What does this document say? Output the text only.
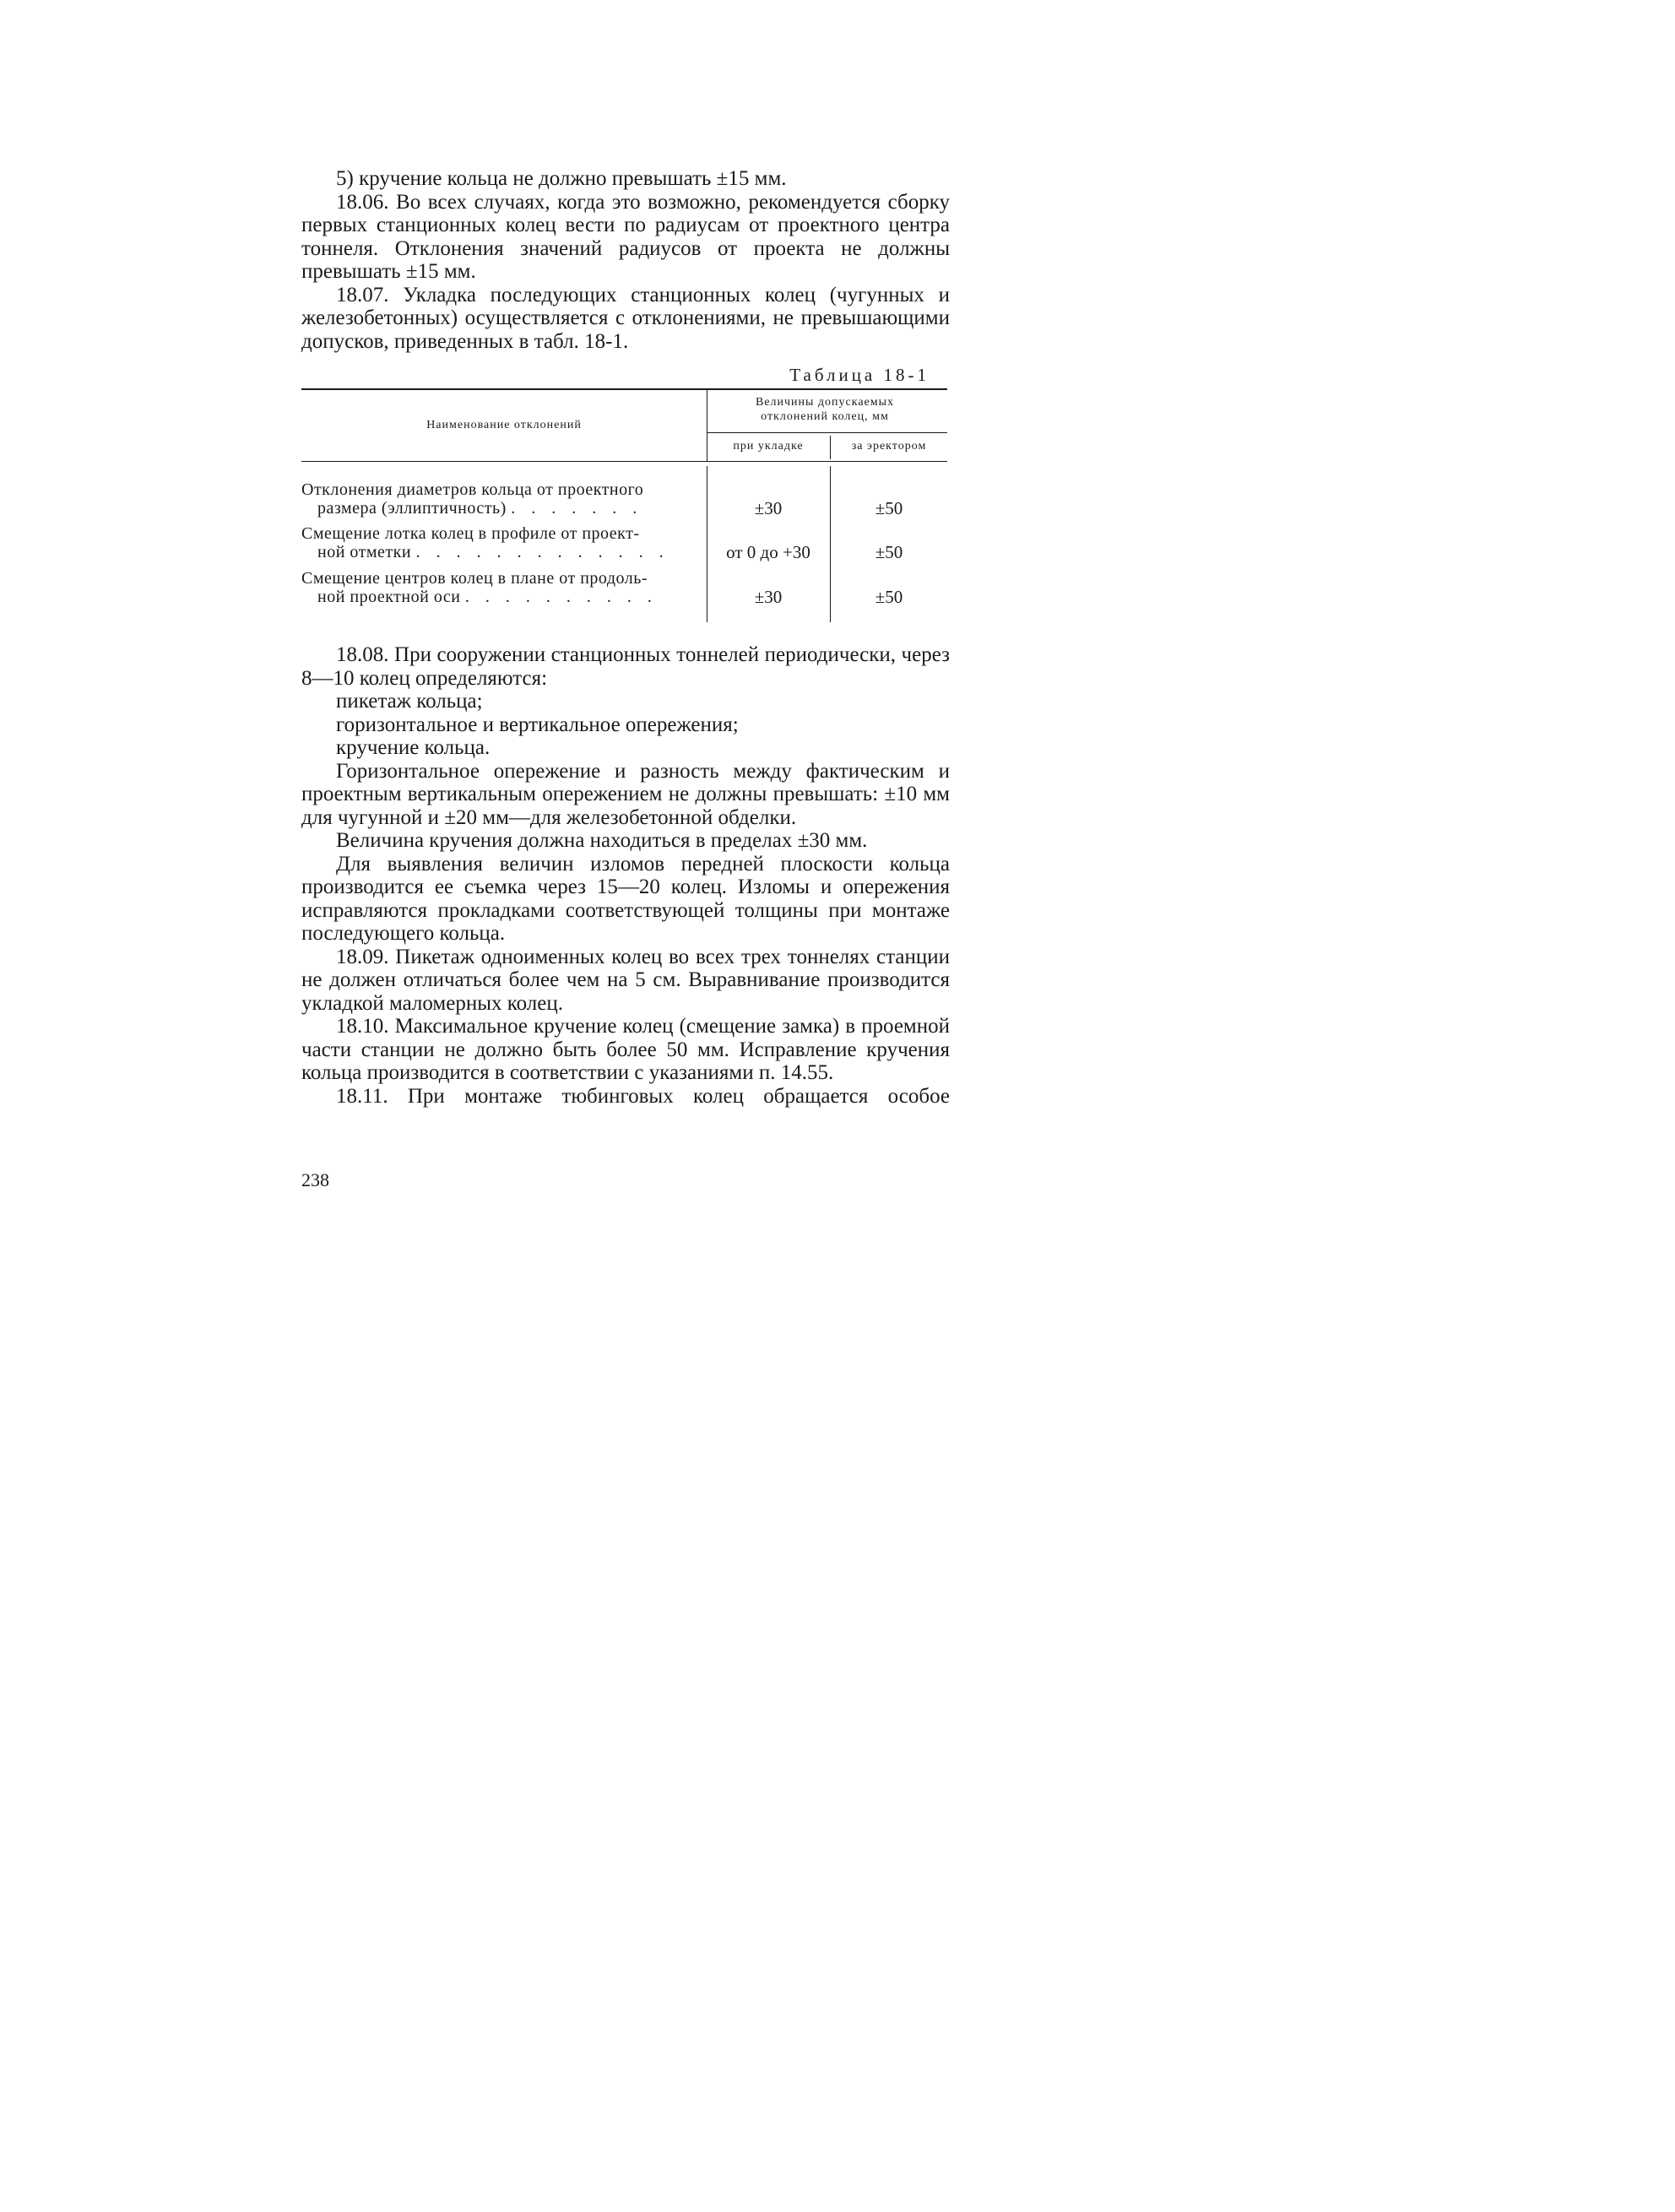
5) кручение кольца не должно превышать ±15 мм.

18.06. Во всех случаях, когда это возможно, рекомендуется сборку первых станционных колец вести по радиусам от проектного центра тоннеля. Отклонения значений радиусов от проекта не должны превышать ±15 мм.

18.07. Укладка последующих станционных колец (чугунных и железобетонных) осуществляется с отклонениями, не превышающими допусков, приведенных в табл. 18-1.

Таблица 18-1
Наименование отклонений
Величины допускаемых отклонений колец, мм
при укладке	за эректором
Отклонения диаметров кольца от проектного
размера (эллиптичность) . . . . . . .	±30	±50
Смещение лотка колец в профиле от проект-
ной отметки . . . . . . . . . . . . .	от 0 до +30	±50
Смещение центров колец в плане от продоль-
ной проектной оси . . . . . . . . . .	±30	±50

18.08. При сооружении станционных тоннелей периодически, через 8—10 колец определяются:

пикетаж кольца;

горизонтальное и вертикальное опережения;

кручение кольца.

Горизонтальное опережение и разность между фактическим и проектным вертикальным опережением не должны превышать: ±10 мм для чугунной и ±20 мм—для железобетонной обделки.

Величина кручения должна находиться в пределах ±30 мм.

Для выявления величин изломов передней плоскости кольца производится ее съемка через 15—20 колец. Изломы и опережения исправляются прокладками соответствующей толщины при монтаже последующего кольца.

18.09. Пикетаж одноименных колец во всех трех тоннелях станции не должен отличаться более чем на 5 см. Выравнивание производится укладкой маломерных колец.

18.10. Максимальное кручение колец (смещение замка) в проемной части станции не должно быть более 50 мм. Исправление кручения кольца производится в соответствии с указаниями п. 14.55.

18.11. При монтаже тюбинговых колец обращается особое

238
